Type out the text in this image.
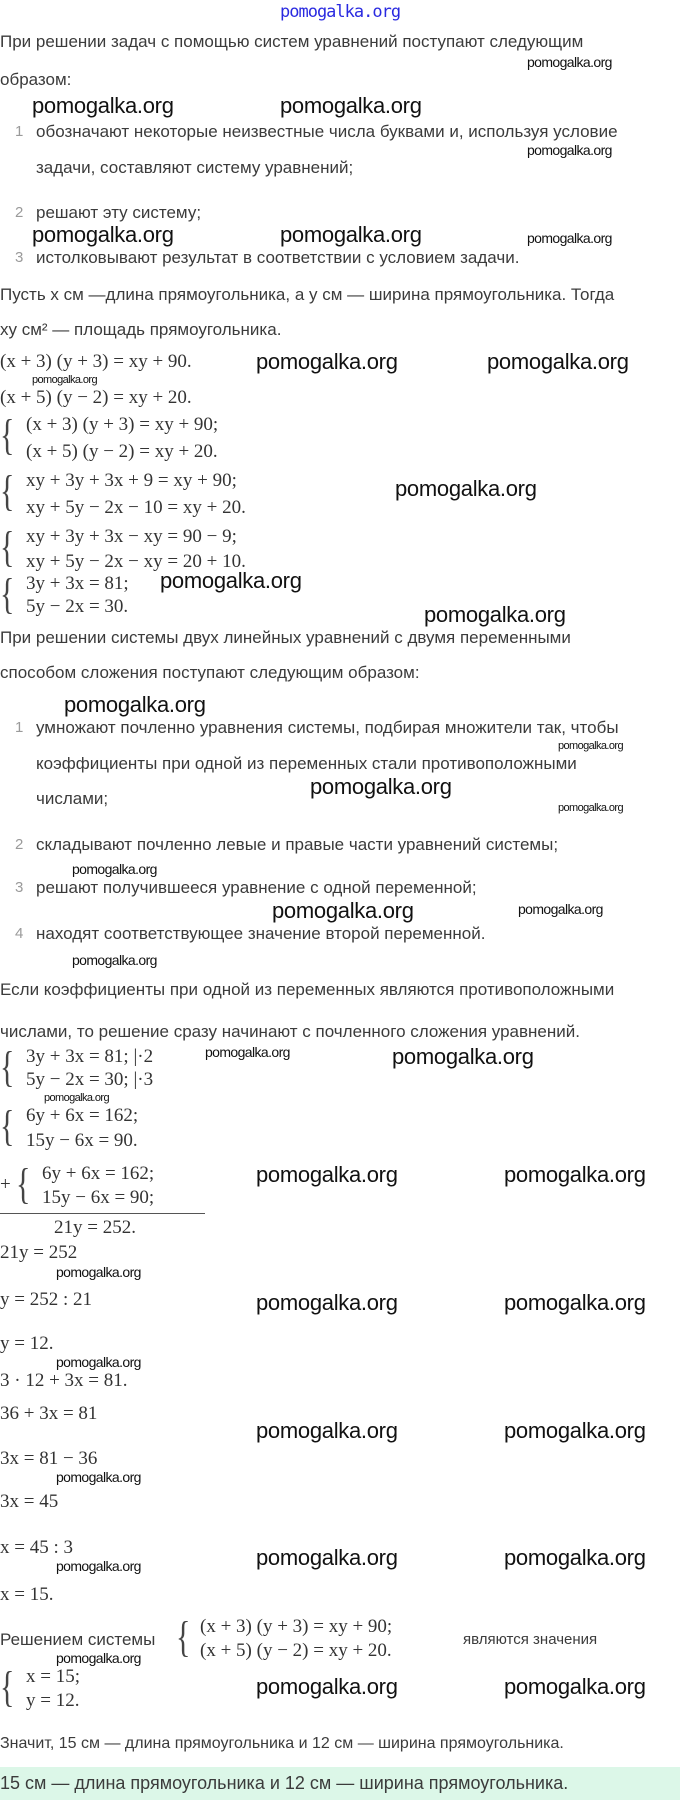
pomogalka.org
При решении задач с помощью систем уравнений поступают следующим
pomogalka.org
образом:
pomogalka.org	pomogalka.org
1 обозначают некоторые неизвестные числа буквами и, используя условие
pomogalka.org
задачи, составляют систему уравнений;
2 решают эту систему;
pomogalka.org	pomogalka.org	pomogalka.org
3 истолковывают результат в соответствии с условием задачи.
Пусть x см —длина прямоугольника, а y см — ширина прямоугольника. Тогда
xy см² — площадь прямоугольника.
(x + 3) (y + 3) = xy + 90.	pomogalka.org	pomogalka.org
pomogalka.org
(x + 5) (y − 2) = xy + 20.
{ (x + 3) (y + 3) = xy + 90;
(x + 5) (y − 2) = xy + 20.
{ xy + 3y + 3x + 9 = xy + 90;
xy + 5y − 2x − 10 = xy + 20.
pomogalka.org
{ xy + 3y + 3x − xy = 90 − 9;
xy + 5y − 2x − xy = 20 + 10.
{ 3y + 3x = 81;
5y − 2x = 30.
pomogalka.org
pomogalka.org
При решении системы двух линейных уравнений с двумя переменными
способом сложения поступают следующим образом:
pomogalka.org
1 умножают почленно уравнения системы, подбирая множители так, чтобы
pomogalka.org
коэффициенты при одной из переменных стали противоположными
pomogalka.org
числами;	pomogalka.org
2 складывают почленно левые и правые части уравнений системы;
pomogalka.org
3 решают получившееся уравнение с одной переменной;
pomogalka.org	pomogalka.org
4 находят соответствующее значение второй переменной.
pomogalka.org
Если коэффициенты при одной из переменных являются противоположными
числами, то решение сразу начинают с почленного сложения уравнений.
{ 3y + 3x = 81; |·2
5y − 2x = 30; |·3
pomogalka.org	pomogalka.org
pomogalka.org
{ 6y + 6x = 162;
15y − 6x = 90.
+ { 6y + 6x = 162;
15y − 6x = 90;
21y = 252.
pomogalka.org	pomogalka.org
21y = 252
pomogalka.org
y = 252 : 21	pomogalka.org	pomogalka.org
y = 12.
pomogalka.org
3 · 12 + 3x = 81.
36 + 3x = 81
pomogalka.org	pomogalka.org
3x = 81 − 36
pomogalka.org
3x = 45
x = 45 : 3
pomogalka.org	pomogalka.org	pomogalka.org
x = 15.
Решением системы
pomogalka.org { (x + 3) (y + 3) = xy + 90;
(x + 5) (y − 2) = xy + 20.
являются значения
{ x = 15;
y = 12.
pomogalka.org	pomogalka.org
Значит, 15 см — длина прямоугольника и 12 см — ширина прямоугольника.
15 см — длина прямоугольника и 12 см — ширина прямоугольника.
